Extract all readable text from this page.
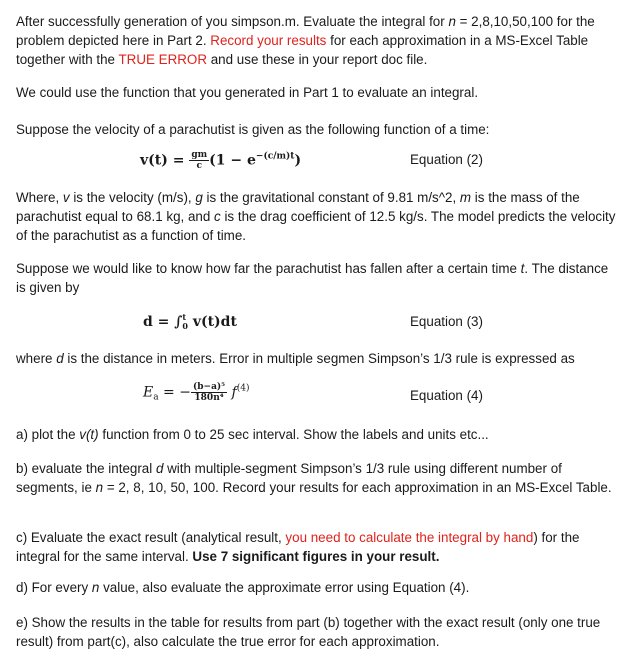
After successfully generation of you simpson.m. Evaluate the integral for n = 2,8,10,50,100 for the problem depicted here in Part 2. Record your results for each approximation in a MS-Excel Table together with the TRUE ERROR and use these in your report doc file.

We could use the function that you generated in Part 1 to evaluate an integral.

Suppose the velocity of a parachutist is given as the following function of a time:

$v(t) = \frac{gm}{c} (1 - e^{-(c/m)t})$	Equation (2)

Where, v is the velocity (m/s), g is the gravitational constant of 9.81 m/s^2, m is the mass of the parachutist equal to 68.1 kg, and c is the drag coefficient of 12.5 kg/s. The model predicts the velocity of the parachutist as a function of time.

Suppose we would like to know how far the parachutist has fallen after a certain time t. The distance is given by

d = ∫ t
0 v(t)dt	Equation (3)

where d is the distance in meters. Error in multiple segmen Simpson’s 1/3 rule is expressed as

$E_a$ = − $\frac{\text{(b−a)⁵}}{\text{180n⁴}} f^{(4)}$	Equation (4)

a) plot the v(t) function from 0 to 25 sec interval. Show the labels and units etc...

b) evaluate the integral d with multiple-segment Simpson’s 1/3 rule using different number of segments, ie n = 2, 8, 10, 50, 100. Record your results for each approximation in an MS-Excel Table.

c) Evaluate the exact result (analytical result, you need to calculate the integral by hand) for the integral for the same interval. Use 7 significant figures in your result.

d) For every n value, also evaluate the approximate error using Equation (4).

e) Show the results in the table for results from part (b) together with the exact result (only one true result) from part(c), also calculate the true error for each approximation.
